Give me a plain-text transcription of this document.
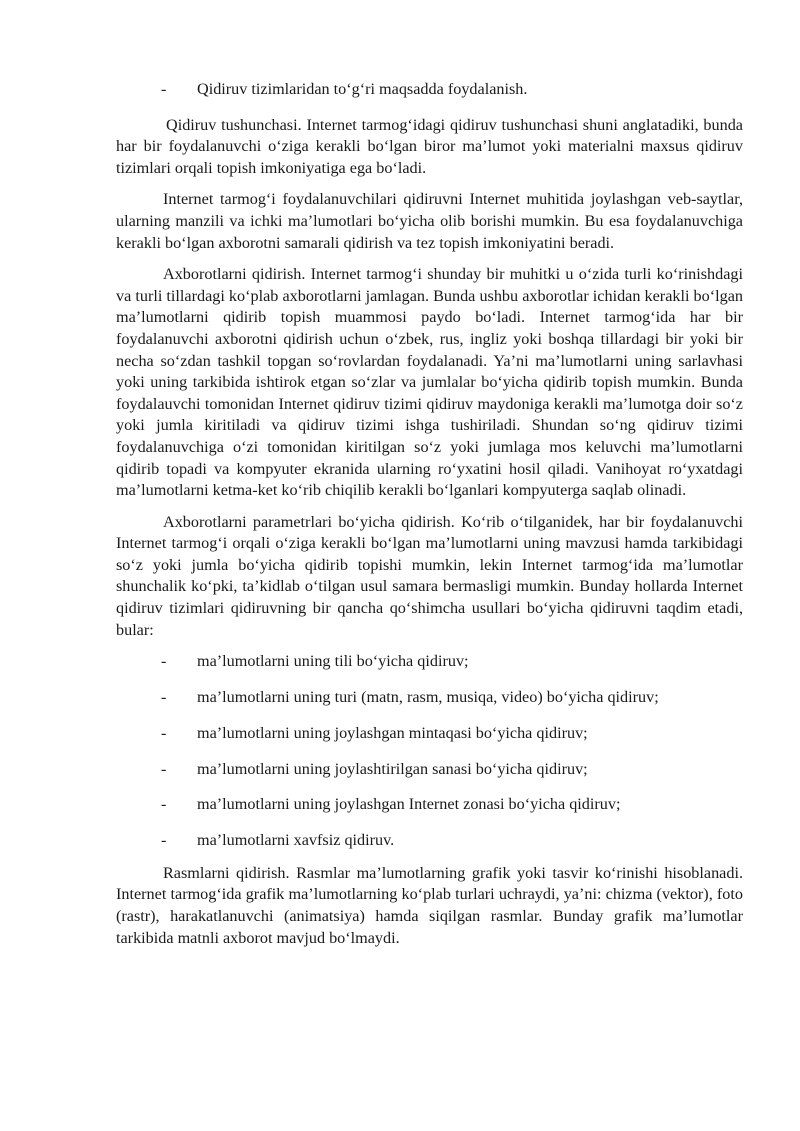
- Qidiruv tizimlaridan to‘g‘ri maqsadda foydalanish.

Qidiruv tushunchasi. Internet tarmog‘idagi qidiruv tushunchasi shuni anglatadiki, bunda har bir foydalanuvchi o‘ziga kerakli bo‘lgan biror ma’lumot yoki materialni maxsus qidiruv tizimlari orqali topish imkoniyatiga ega bo‘ladi.

Internet tarmog‘i foydalanuvchilari qidiruvni Internet muhitida joylashgan veb-saytlar, ularning manzili va ichki ma’lumotlari bo‘yicha olib borishi mumkin. Bu esa foydalanuvchiga kerakli bo‘lgan axborotni samarali qidirish va tez topish imkoniyatini beradi.

Axborotlarni qidirish. Internet tarmog‘i shunday bir muhitki u o‘zida turli ko‘rinishdagi va turli tillardagi ko‘plab axborotlarni jamlagan. Bunda ushbu axborotlar ichidan kerakli bo‘lgan ma’lumotlarni qidirib topish muammosi paydo bo‘ladi. Internet tarmog‘ida har bir foydalanuvchi axborotni qidirish uchun o‘zbek, rus, ingliz yoki boshqa tillardagi bir yoki bir necha so‘zdan tashkil topgan so‘rovlardan foydalanadi. Ya’ni ma’lumotlarni uning sarlavhasi yoki uning tarkibida ishtirok etgan so‘zlar va jumlalar bo‘yicha qidirib topish mumkin. Bunda foydalauvchi tomonidan Internet qidiruv tizimi qidiruv maydoniga kerakli ma’lumotga doir so‘z yoki jumla kiritiladi va qidiruv tizimi ishga tushiriladi. Shundan so‘ng qidiruv tizimi foydalanuvchiga o‘zi tomonidan kiritilgan so‘z yoki jumlaga mos keluvchi ma’lumotlarni qidirib topadi va kompyuter ekranida ularning ro‘yxatini hosil qiladi. Vanihoyat ro‘yxatdagi ma’lumotlarni ketma-ket ko‘rib chiqilib kerakli bo‘lganlari kompyuterga saqlab olinadi.

Axborotlarni parametrlari bo‘yicha qidirish. Ko‘rib o‘tilganidek, har bir foydalanuvchi Internet tarmog‘i orqali o‘ziga kerakli bo‘lgan ma’lumotlarni uning mavzusi hamda tarkibidagi so‘z yoki jumla bo‘yicha qidirib topishi mumkin, lekin Internet tarmog‘ida ma’lumotlar shunchalik ko‘pki, ta’kidlab o‘tilgan usul samara bermasligi mumkin. Bunday hollarda Internet qidiruv tizimlari qidiruvning bir qancha qo‘shimcha usullari bo‘yicha qidiruvni taqdim etadi, bular:

- ma’lumotlarni uning tili bo‘yicha qidiruv;

- ma’lumotlarni uning turi (matn, rasm, musiqa, video) bo‘yicha qidiruv;

- ma’lumotlarni uning joylashgan mintaqasi bo‘yicha qidiruv;

- ma’lumotlarni uning joylashtirilgan sanasi bo‘yicha qidiruv;

- ma’lumotlarni uning joylashgan Internet zonasi bo‘yicha qidiruv;

- ma’lumotlarni xavfsiz qidiruv.

Rasmlarni qidirish. Rasmlar ma’lumotlarning grafik yoki tasvir ko‘rinishi hisoblanadi. Internet tarmog‘ida grafik ma’lumotlarning ko‘plab turlari uchraydi, ya’ni: chizma (vektor), foto (rastr), harakatlanuvchi (animatsiya) hamda siqilgan rasmlar. Bunday grafik ma’lumotlar tarkibida matnli axborot mavjud bo‘lmaydi.
